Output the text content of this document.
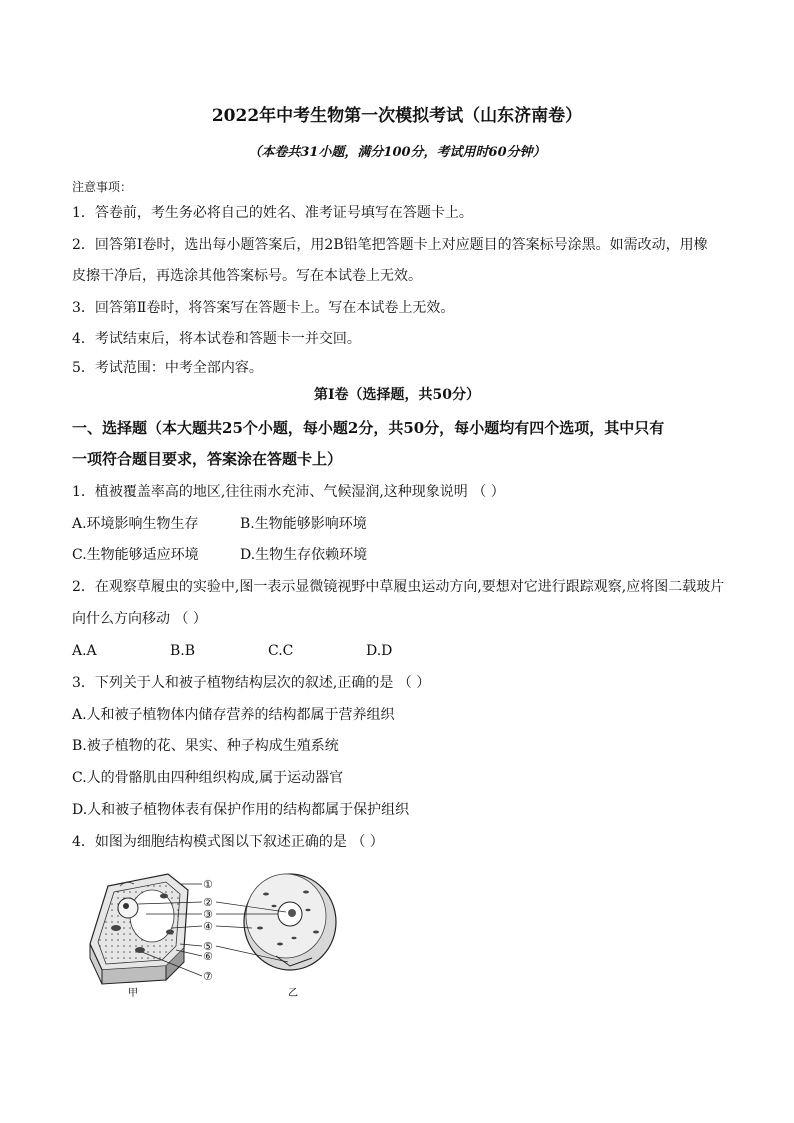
2022年中考生物第一次模拟考试（山东济南卷）
（本卷共31小题，满分100分，考试用时60分钟）
注意事项：
1．答卷前，考生务必将自己的姓名、准考证号填写在答题卡上。
2．回答第Ⅰ卷时，选出每小题答案后，用2B铅笔把答题卡上对应题目的答案标号涂黑。如需改动，用橡
皮擦干净后，再选涂其他答案标号。写在本试卷上无效。
3．回答第Ⅱ卷时，将答案写在答题卡上。写在本试卷上无效。
4．考试结束后，将本试卷和答题卡一并交回。
5．考试范围：中考全部内容。
第Ⅰ卷（选择题，共50分）
一、选择题（本大题共25个小题，每小题2分，共50分，每小题均有四个选项，其中只有
一项符合题目要求，答案涂在答题卡上）
1．植被覆盖率高的地区,往往雨水充沛、气候湿润,这种现象说明 （ ）
A.环境影响生物生存	B.生物能够影响环境
C.生物能够适应环境	D.生物生存依赖环境
2．在观察草履虫的实验中,图一表示显微镜视野中草履虫运动方向,要想对它进行跟踪观察,应将图二载玻片
向什么方向移动 （ ）
A.A	B.B	C.C	D.D
3．下列关于人和被子植物结构层次的叙述,正确的是 （ ）
A.人和被子植物体内储存营养的结构都属于营养组织
B.被子植物的花、果实、种子构成生殖系统
C.人的骨骼肌由四种组织构成,属于运动器官
D.人和被子植物体表有保护作用的结构都属于保护组织
4．如图为细胞结构模式图以下叙述正确的是 （ ）
①
②
③
④
⑤
⑥
⑦
甲	乙
